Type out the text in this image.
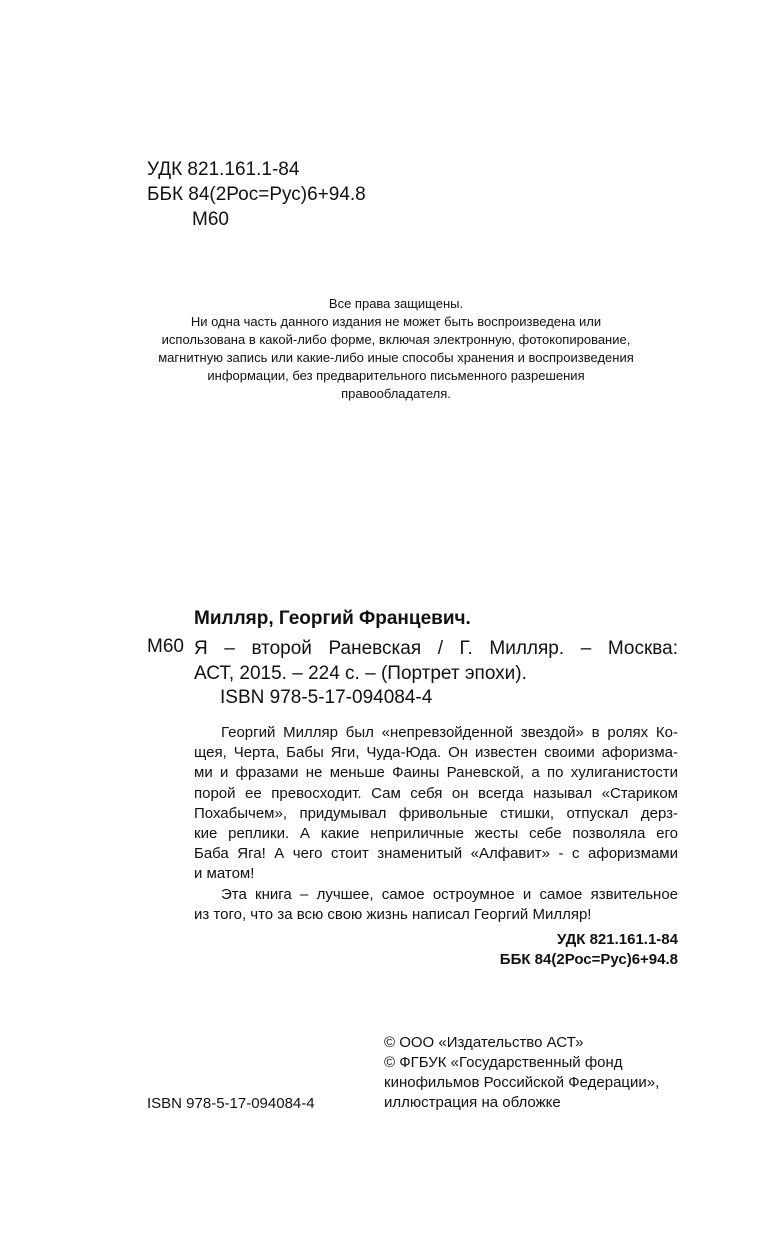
УДК 821.161.1-84
ББК 84(2Рос=Рус)6+94.8
М60
Все права защищены.
Ни одна часть данного издания не может быть воспроизведена или
использована в какой-либо форме, включая электронную, фотокопирование,
магнитную запись или какие-либо иные способы хранения и воспроизведения
информации, без предварительного письменного разрешения
правообладателя.
Милляр, Георгий Францевич.
М60 Я – второй Раневская / Г. Милляр. – Москва:
АСТ, 2015. – 224 с. – (Портрет эпохи).
ISBN 978-5-17-094084-4
Георгий Милляр был «непревзойденной звездой» в ролях Ко-
щея, Черта, Бабы Яги, Чуда-Юда. Он известен своими афоризма-
ми и фразами не меньше Фаины Раневской, а по хулиганистости
порой ее превосходит. Сам себя он всегда называл «Стариком
Похабычем», придумывал фривольные стишки, отпускал дерз-
кие реплики. А какие неприличные жесты себе позволяла его
Баба Яга! А чего стоит знаменитый «Алфавит» - с афоризмами
и матом!
Эта книга – лучшее, самое остроумное и самое язвительное
из того, что за всю свою жизнь написал Георгий Милляр!
УДК 821.161.1-84
ББК 84(2Рос=Рус)6+94.8
© ООО «Издательство АСТ»
© ФГБУК «Государственный фонд
кинофильмов Российской Федерации»,
иллюстрация на обложке
ISBN 978-5-17-094084-4
